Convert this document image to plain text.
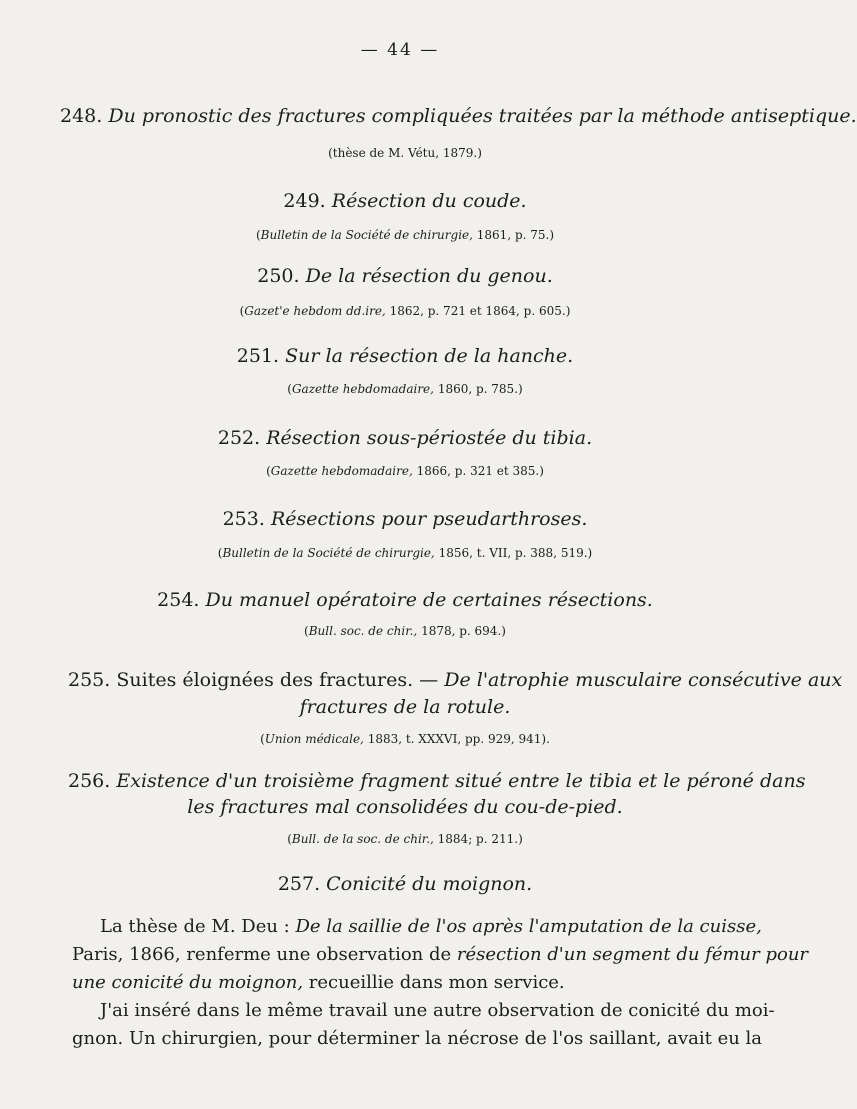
— 44 —
248. Du pronostic des fractures compliquées traitées par la méthode antiseptique.
(thèse de M. Vétu, 1879.)
249. Résection du coude.
(Bulletin de la Société de chirurgie, 1861, p. 75.)
250. De la résection du genou.
(Gazet'e hebdom dd.ire, 1862, p. 721 et 1864, p. 605.)
251. Sur la résection de la hanche.
(Gazette hebdomadaire, 1860, p. 785.)
252. Résection sous-périostée du tibia.
(Gazette hebdomadaire, 1866, p. 321 et 385.)
253. Résections pour pseudarthroses.
(Bulletin de la Société de chirurgie, 1856, t. VII, p. 388, 519.)
254. Du manuel opératoire de certaines résections.
(Bull. soc. de chir., 1878, p. 694.)
255. Suites éloignées des fractures. — De l'atrophie musculaire consécutive aux
fractures de la rotule.
(Union médicale, 1883, t. XXXVI, pp. 929, 941).
256. Existence d'un troisième fragment situé entre le tibia et le péroné dans
les fractures mal consolidées du cou-de-pied.
(Bull. de la soc. de chir., 1884; p. 211.)
257. Conicité du moignon.
La thèse de M. Deu : De la saillie de l'os après l'amputation de la cuisse,
Paris, 1866, renferme une observation de résection d'un segment du fémur pour
une conicité du moignon, recueillie dans mon service.
J'ai inséré dans le même travail une autre observation de conicité du moi-
gnon. Un chirurgien, pour déterminer la nécrose de l'os saillant, avait eu la
